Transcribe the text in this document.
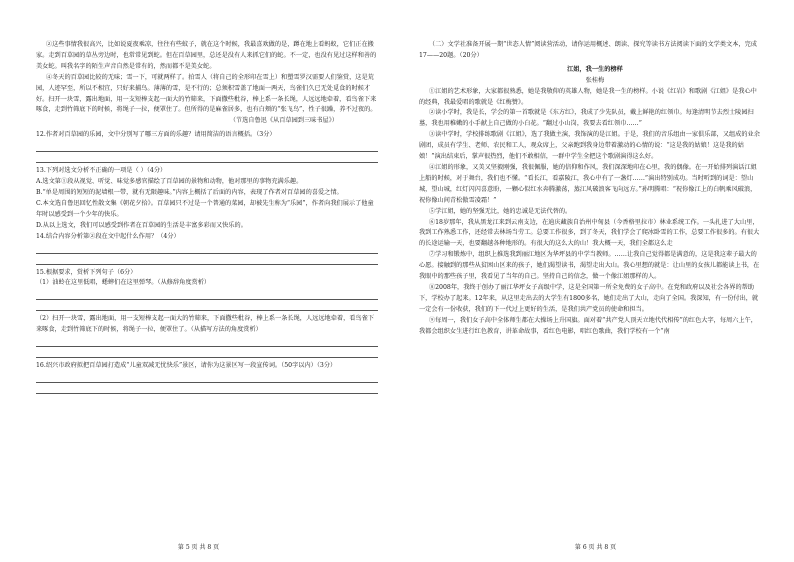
②这些事情我很高兴，比如说夏夜乘凉，往往有些蚊子，就在这个时候，我最喜欢做的是，蹲在地上看蚂蚁，它们正在搬家。走到百草园的草丛旁边时，也常常见到蛇。但在百草园里，总还是没有人来抓它们的蛇。不一定，也没有见过这样和善的美女蛇。叫我名字的陌生声音自然是常有的，然而都不是美女蛇。

④冬天的百草园比较的无味；雪一下，可就两样了。拍雪人（将自己的全形印在雪上）和塑雪罗汉需要人们鉴赏，这是荒园，人迹罕至，所以不相宜，只好来捕鸟。薄薄的雪，是不行的；总须积雪盖了地面一两天，鸟雀们久已无处觅食的时候才好。扫开一块雪，露出地面，用一支短棒支起一面大的竹筛来，下面撒些秕谷，棒上系一条长绳，人远远地牵着，看鸟雀下来啄食，走到竹筛底下的时候，将绳子一拉，便罩住了。但所得的是麻雀居多，也有白颊的“张飞鸟”，性子很躁，养不过夜的。

（节选自鲁迅《从百草园到三味书屋》）

12.作者对百草园的乐园，文中分别写了哪三方面的乐趣？请用简洁的语言概括。（3分）

13.下列对选文分析不正确的一项是（ ）（4分）

A.选文第①段从视觉、听觉、味觉多感官描绘了百草园的景物和动物，他对那里的事物充满乐趣。

B.“单是周围的短短的泥墙根一带，就有无限趣味。”内容上概括了后面的内容，表现了作者对百草园的喜爱之情。

C.本文选自鲁迅回忆性散文集《朝花夕拾》。百草园只不过是一个普通的菜园，却被先生称为“乐园”，作者向我们展示了他童年时以感受到一个少年的快乐。

D.从以上选文，我们可以感受到作者在百草园的生活是丰富多彩而又快乐的。

14.结合内容分析第②段在文中起什么作用？（4分）

15.根据要求，赏析下列句子（6分）

（1）油蛉在这里低唱，蟋蟀们在这里弹琴。（从修辞角度赏析）

（2）扫开一块雪，露出地面，用一支短棒支起一面大的竹筛来，下面撒些秕谷，棒上系一条长绳，人远远地牵着，看鸟雀下来啄食，走到竹筛底下的时候，将绳子一拉，便罩住了。（从描写方法的角度赏析）

16.绍兴市政府拟把百草园打造成“儿童双减无忧快乐”景区，请你为这景区写一段宣传词。（50字以内）（3分）

第 5 页 共 8 页

（二）文学社准备开展一期“世态人情”阅读营活动，请你运用概述、朗读、探究等读书方法阅读下面的文学类文本，完成17——20题。（20分）

江姐，我一生的榜样

张桂梅

①江姐的艺术形象，大家都很熟悉，她是我敬仰的英雄人物，她是我一生的榜样。小说《红岩》和歌剧《江姐》是我心中的经典，我最爱唱的歌就是《红梅赞》。

②读小学时，我是长，学会的第一首歌就是《东方红》，我成了少先队员，戴上鲜艳的红领巾。每逢清明节去烈士陵园扫墓，我也用稚嫩的小手献上自己做的小白花。“翻过小山岗，我要去看红领巾……”

③读中学时，学校排练歌剧《江姐》，选了我做主演，我饰演的是江姐。于是，我们的音乐组由一家俱乐部，又组成的业余剧团，成员有学生、老师、农民和工人，观众席上，父亲跑到我身边带着激动的心情的说：“这是我的姑娘！这是我的姑娘！”演出结束后，掌声很热烈，他们不敢相信，一群中学生全把这个歌剧演得这么好。

④江姐的形象，又美又坚毅刚强，我很佩服，她的信仰和作风，我们深深地印在心里，我的偶像。在一开始排列演话江姐上船的时候，对于舞台，我们也不懂。“看长江，看嘉陵江，我心中有了一盏灯……”演出特别成功。当时听到的词是：望山城，望山城，红灯闪闪喜意盼，一颗心似红水奔腾激荡，蒸江风破浪客飞向远方。”孙明腾唱：“祝你像江上的白帆乘风破浪，祝你像山间青松傲雪凌霜！”

⑤学江姐，她的坚强无比，她的忠诚是无法代替的。

⑥18岁那年，我从黑龙江来到云南支边，在迪庆藏族自治州中甸县（今香格里拉市）林业系统工作。一头扎进了大山里，我到工作熟悉工作，还经常去林场当劳工。总要工作很多，到了冬天，我们学会了爬冰卧雪的工作，总要工作很多的。有很大的长途运输一天，也要翻越各种地形的。有很大的这么大的山！我大概一天，我们全都这么走

⑦学习和锻炼中，组织上推选我到丽江地区为华坪县的中学当教师。……让我自己觉得都是满意的，这是我这辈子最大的心愿。接触到的那些从贫困山区来的孩子，她们渴望读书，渴望走出大山。我心里想的就是：让山里的女孩儿都能读上书，在我眼中的那些孩子里，我看见了当年的自己。坚持自己的信念，做一个像江姐那样的人。

⑧2008年，我终于创办了丽江华坪女子高级中学，这是全国第一所全免费的女子高中。在党和政府以及社会各界的帮助下，学校办了起来。12年来，从这里走出去的大学生有1800多名，她们走出了大山，走向了全国。我深知，有一份付出，就一定会有一份收获，我们的下一代过上更好的生活，是我们共产党员的使命和担当。

⑨每周一，我们女子高中全体师生都在大操场上升国旗。面对着“共产党人顶天立地代代相传”的红色大字，每周六上午，我都会组织女生进行红色教育，讲革命故事，看红色电影，唱红色歌曲，我们学校有一个“南

第 6 页 共 8 页
